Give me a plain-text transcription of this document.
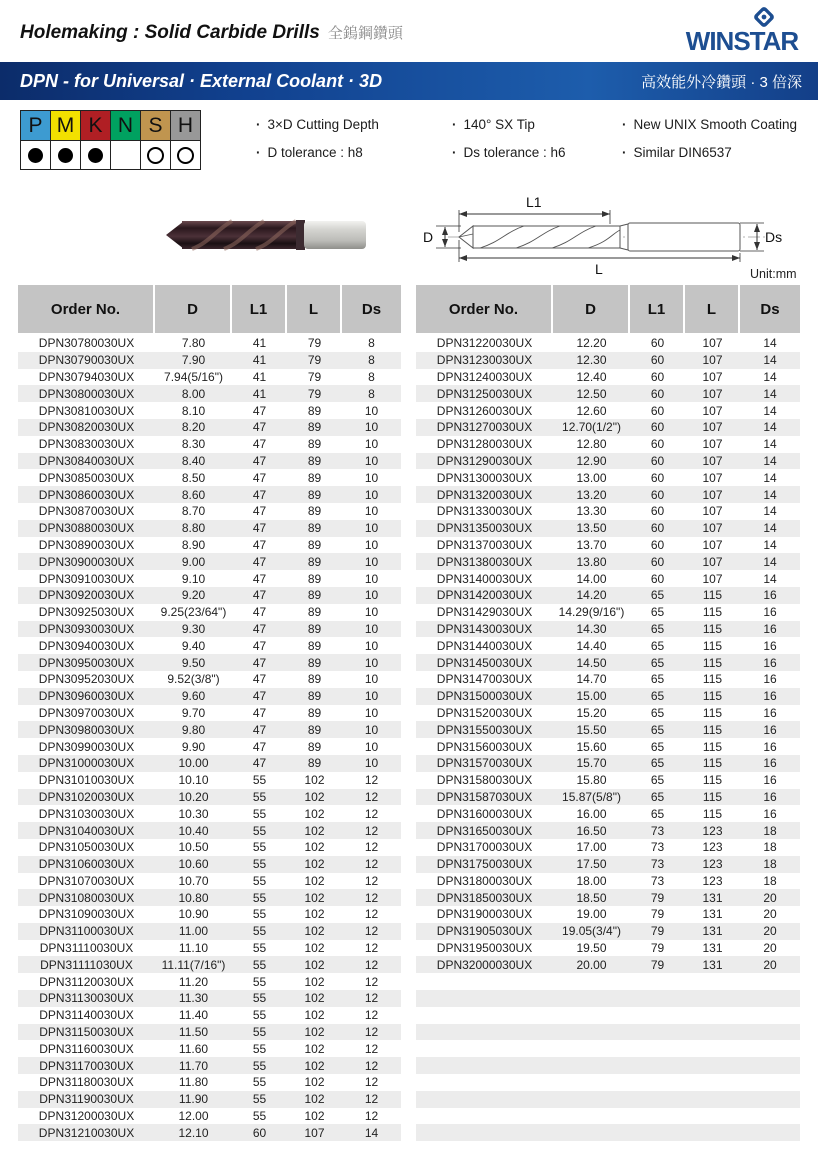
Holemaking : Solid Carbide Drills 全鎢鋼鑽頭	WINSTAR
DPN - for Universal · External Coolant · 3D	高效能外冷鑽頭 · 3 倍深
P M K N S H	· 3×D Cutting Depth
· D tolerance : h8
· 140° SX Tip
· Ds tolerance : h6
· New UNIX Smooth Coating
· Similar DIN6537
L1
D	Ds
L	Unit:mm
Order No.	D	L1	L	Ds
DPN30780030UX	7.80	41	79	8
DPN30790030UX	7.90	41	79	8
DPN30794030UX	7.94(5/16")	41	79	8
DPN30800030UX	8.00	41	79	8
DPN30810030UX	8.10	47	89	10
DPN30820030UX	8.20	47	89	10
DPN30830030UX	8.30	47	89	10
DPN30840030UX	8.40	47	89	10
DPN30850030UX	8.50	47	89	10
DPN30860030UX	8.60	47	89	10
DPN30870030UX	8.70	47	89	10
DPN30880030UX	8.80	47	89	10
DPN30890030UX	8.90	47	89	10
DPN30900030UX	9.00	47	89	10
DPN30910030UX	9.10	47	89	10
DPN30920030UX	9.20	47	89	10
DPN30925030UX	9.25(23/64")	47	89	10
DPN30930030UX	9.30	47	89	10
DPN30940030UX	9.40	47	89	10
DPN30950030UX	9.50	47	89	10
DPN30952030UX	9.52(3/8")	47	89	10
DPN30960030UX	9.60	47	89	10
DPN30970030UX	9.70	47	89	10
DPN30980030UX	9.80	47	89	10
DPN30990030UX	9.90	47	89	10
DPN31000030UX	10.00	47	89	10
DPN31010030UX	10.10	55	102	12
DPN31020030UX	10.20	55	102	12
DPN31030030UX	10.30	55	102	12
DPN31040030UX	10.40	55	102	12
DPN31050030UX	10.50	55	102	12
DPN31060030UX	10.60	55	102	12
DPN31070030UX	10.70	55	102	12
DPN31080030UX	10.80	55	102	12
DPN31090030UX	10.90	55	102	12
DPN31100030UX	11.00	55	102	12
DPN31110030UX	11.10	55	102	12
DPN31111030UX	11.11(7/16")	55	102	12
DPN31120030UX	11.20	55	102	12
DPN31130030UX	11.30	55	102	12
DPN31140030UX	11.40	55	102	12
DPN31150030UX	11.50	55	102	12
DPN31160030UX	11.60	55	102	12
DPN31170030UX	11.70	55	102	12
DPN31180030UX	11.80	55	102	12
DPN31190030UX	11.90	55	102	12
DPN31200030UX	12.00	55	102	12
DPN31210030UX	12.10	60	107	14
Order No.	D	L1	L	Ds
DPN31220030UX	12.20	60	107	14
DPN31230030UX	12.30	60	107	14
DPN31240030UX	12.40	60	107	14
DPN31250030UX	12.50	60	107	14
DPN31260030UX	12.60	60	107	14
DPN31270030UX	12.70(1/2")	60	107	14
DPN31280030UX	12.80	60	107	14
DPN31290030UX	12.90	60	107	14
DPN31300030UX	13.00	60	107	14
DPN31320030UX	13.20	60	107	14
DPN31330030UX	13.30	60	107	14
DPN31350030UX	13.50	60	107	14
DPN31370030UX	13.70	60	107	14
DPN31380030UX	13.80	60	107	14
DPN31400030UX	14.00	60	107	14
DPN31420030UX	14.20	65	115	16
DPN31429030UX	14.29(9/16")	65	115	16
DPN31430030UX	14.30	65	115	16
DPN31440030UX	14.40	65	115	16
DPN31450030UX	14.50	65	115	16
DPN31470030UX	14.70	65	115	16
DPN31500030UX	15.00	65	115	16
DPN31520030UX	15.20	65	115	16
DPN31550030UX	15.50	65	115	16
DPN31560030UX	15.60	65	115	16
DPN31570030UX	15.70	65	115	16
DPN31580030UX	15.80	65	115	16
DPN31587030UX	15.87(5/8")	65	115	16
DPN31600030UX	16.00	65	115	16
DPN31650030UX	16.50	73	123	18
DPN31700030UX	17.00	73	123	18
DPN31750030UX	17.50	73	123	18
DPN31800030UX	18.00	73	123	18
DPN31850030UX	18.50	79	131	20
DPN31900030UX	19.00	79	131	20
DPN31905030UX	19.05(3/4")	79	131	20
DPN31950030UX	19.50	79	131	20
DPN32000030UX	20.00	79	131	20
